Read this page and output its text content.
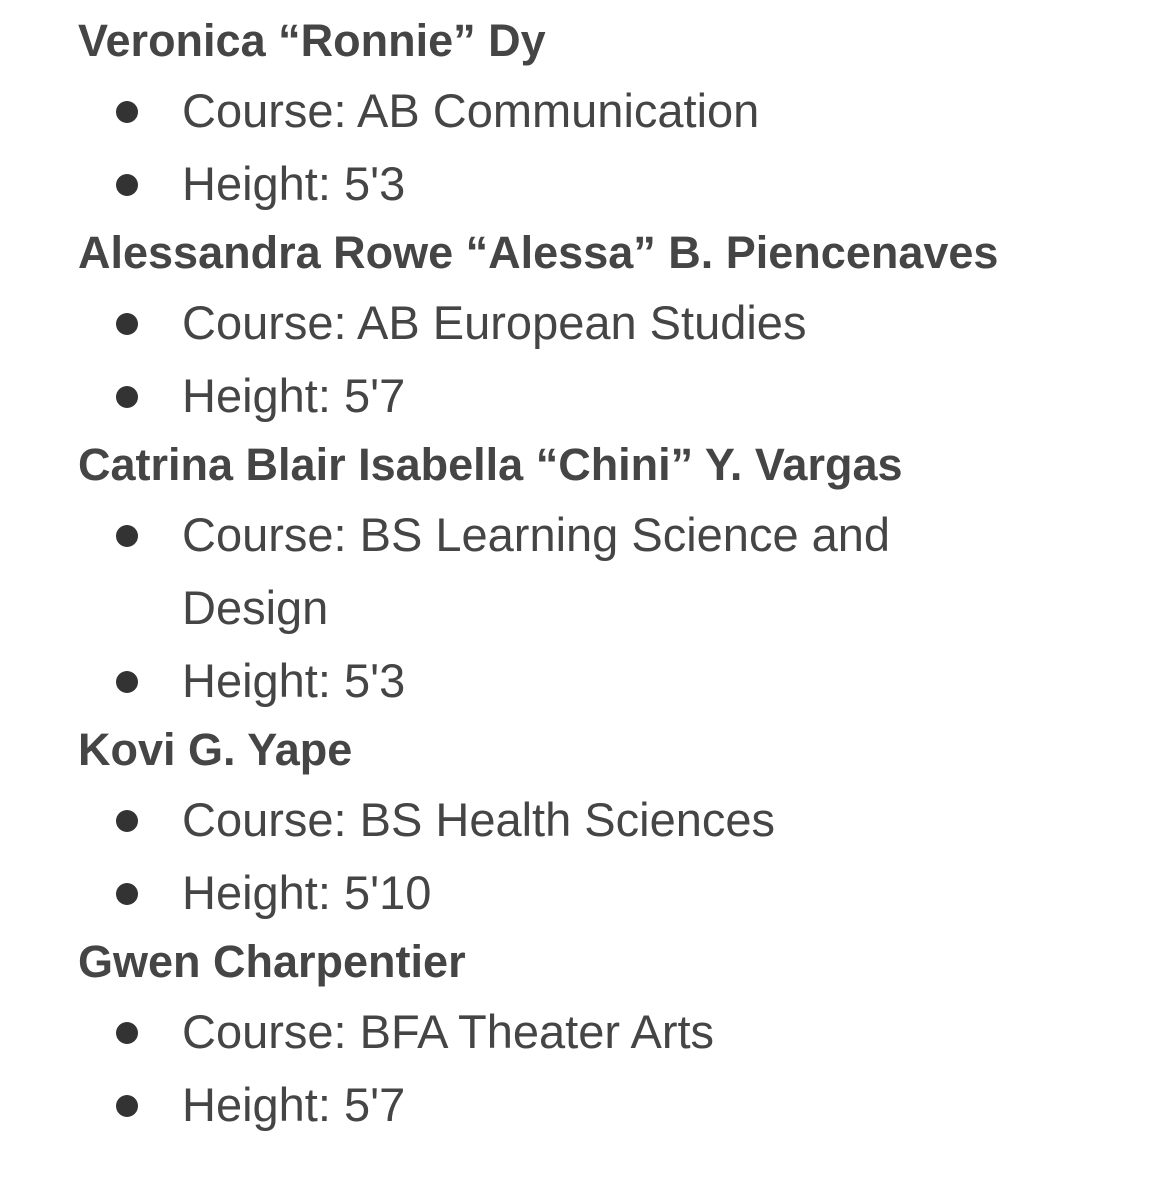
Veronica “Ronnie” Dy

Course: AB Communication
Height: 5'3

Alessandra Rowe “Alessa” B. Piencenaves

Course: AB European Studies
Height: 5'7

Catrina Blair Isabella “Chini” Y. Vargas

Course: BS Learning Science and Design
Height: 5'3

Kovi G. Yape

Course: BS Health Sciences
Height: 5'10

Gwen Charpentier

Course: BFA Theater Arts
Height: 5'7
